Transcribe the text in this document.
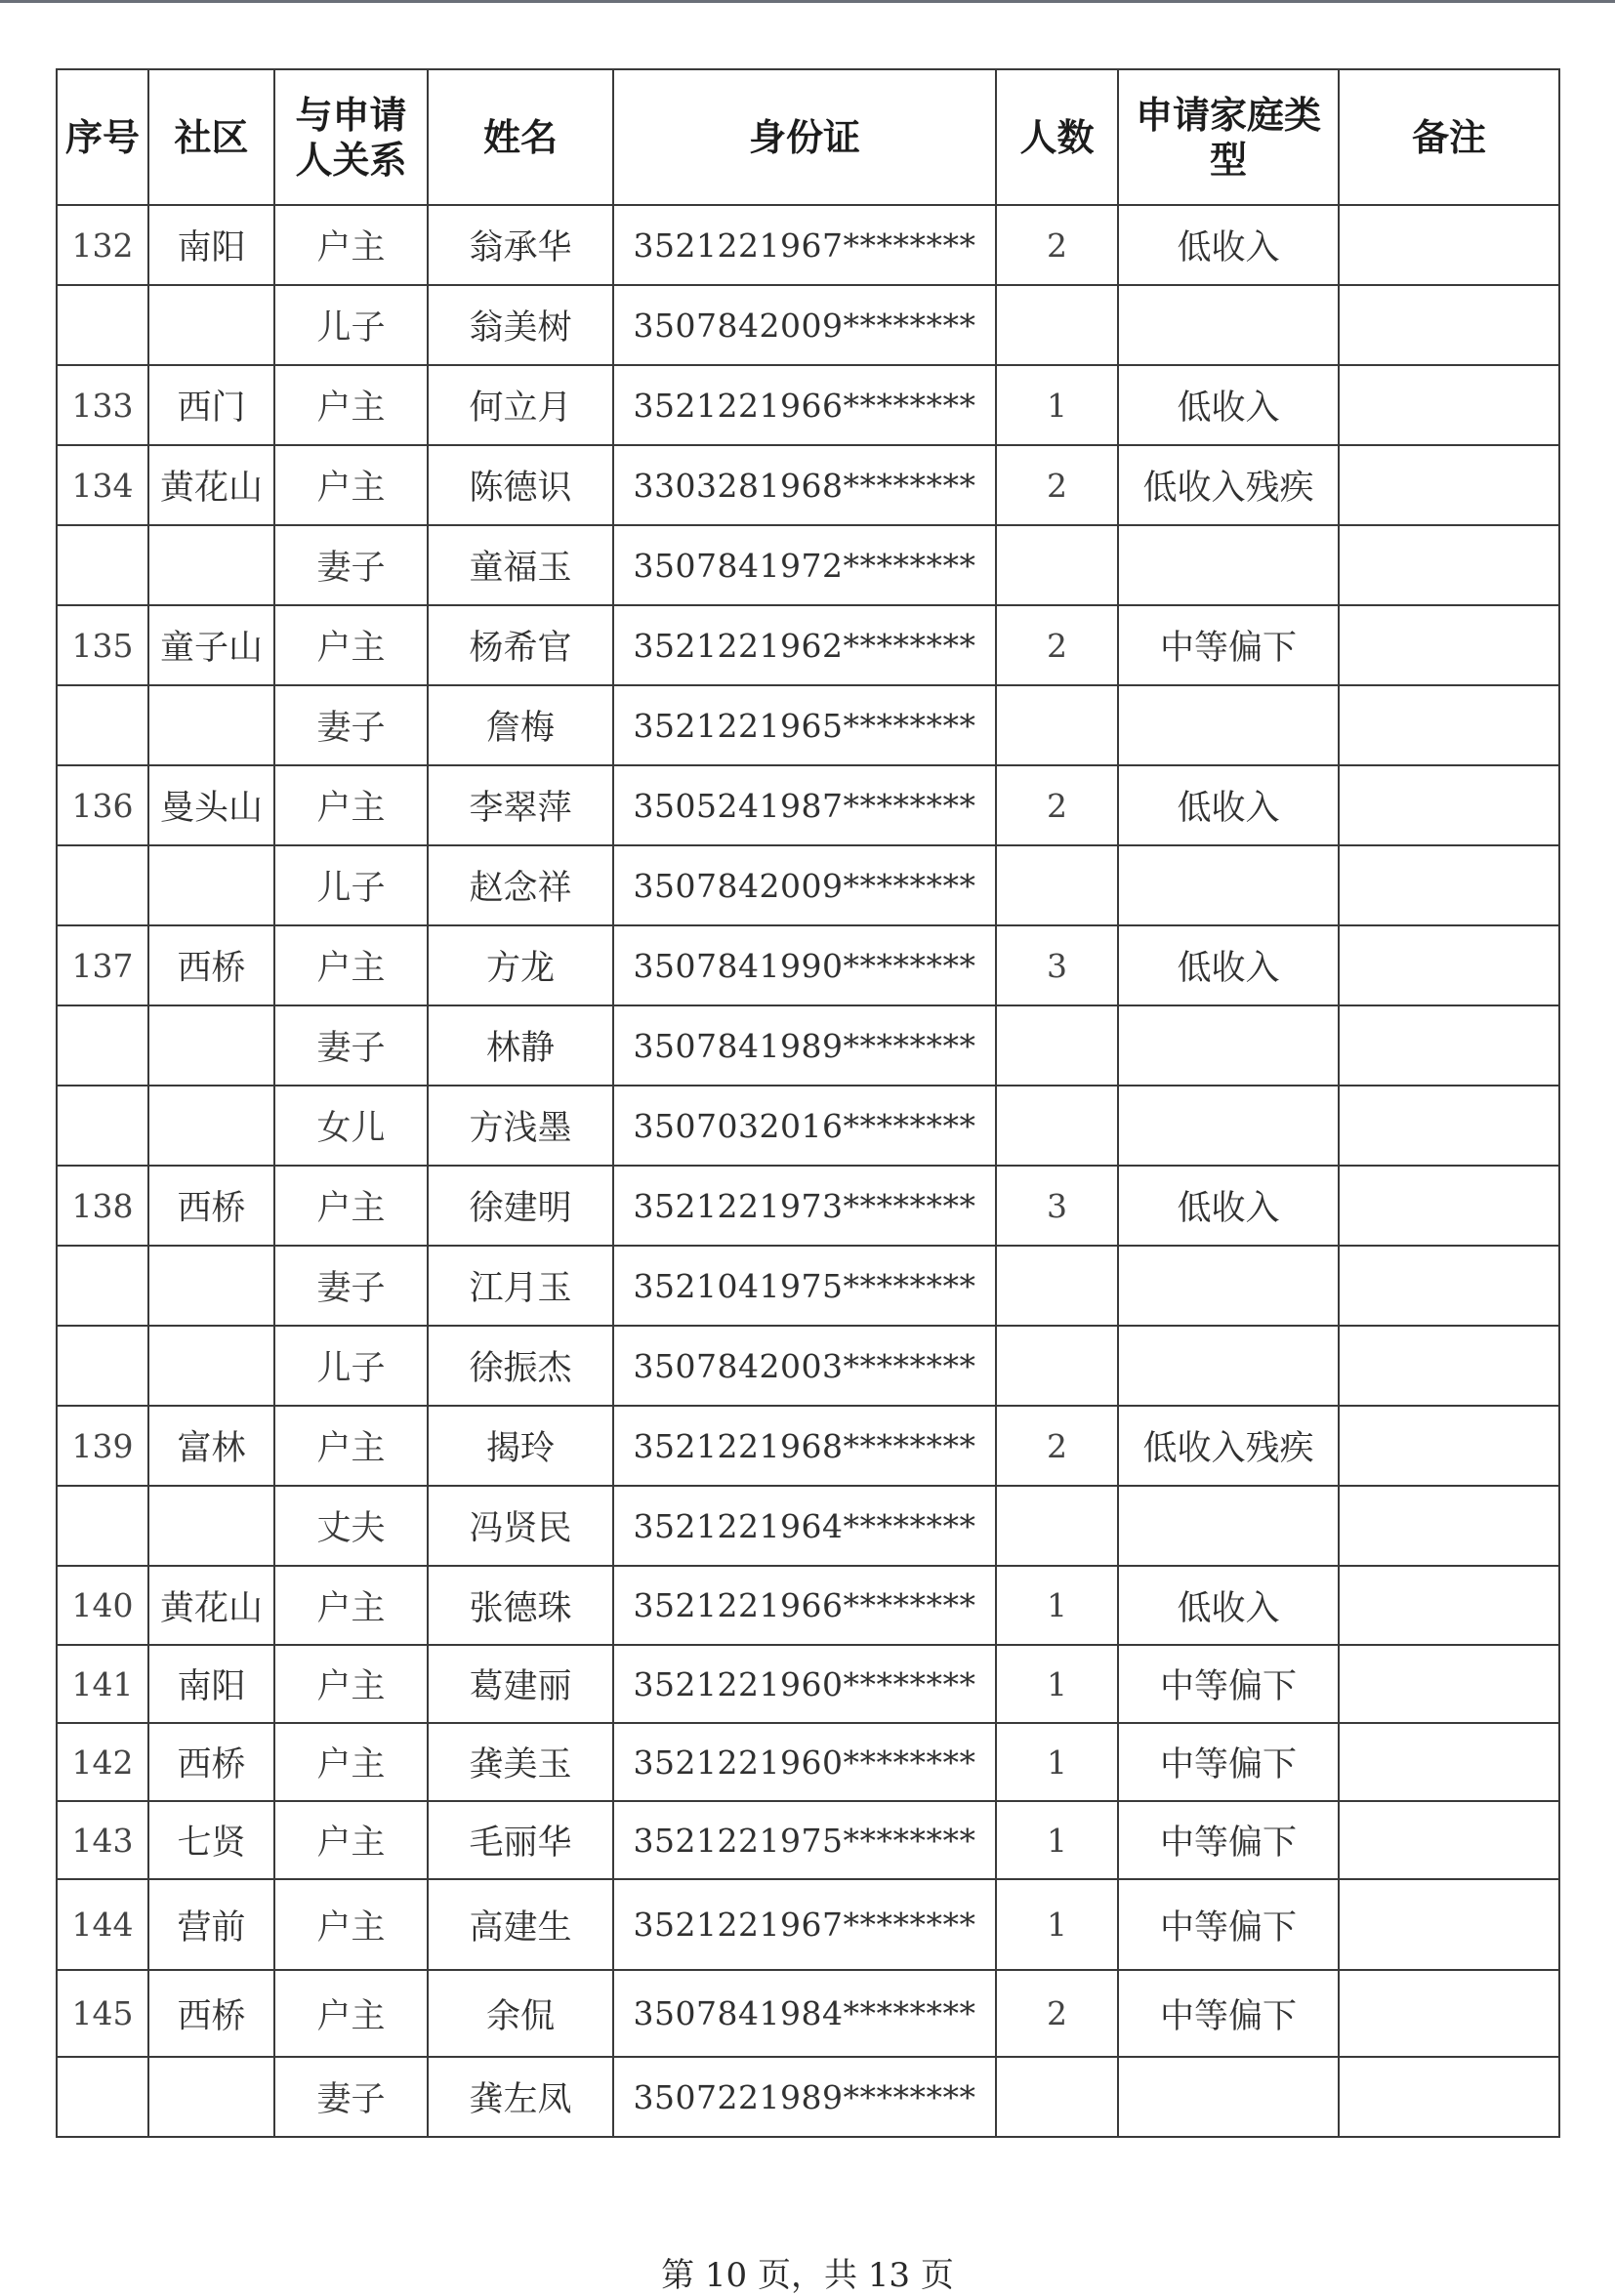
序号	社区	与申请人关系	姓名	身份证	人数	申请家庭类型	备注
132	南阳	户主	翁承华	3521221967********	2	低收入	
		儿子	翁美树	3507842009********			
133	西门	户主	何立月	3521221966********	1	低收入	
134	黄花山	户主	陈德识	3303281968********	2	低收入残疾	
		妻子	童福玉	3507841972********			
135	童子山	户主	杨希官	3521221962********	2	中等偏下	
		妻子	詹梅	3521221965********			
136	曼头山	户主	李翠萍	3505241987********	2	低收入	
		儿子	赵念祥	3507842009********			
137	西桥	户主	方龙	3507841990********	3	低收入	
		妻子	林静	3507841989********			
		女儿	方浅墨	3507032016********			
138	西桥	户主	徐建明	3521221973********	3	低收入	
		妻子	江月玉	3521041975********			
		儿子	徐振杰	3507842003********			
139	富林	户主	揭玲	3521221968********	2	低收入残疾	
		丈夫	冯贤民	3521221964********			
140	黄花山	户主	张德珠	3521221966********	1	低收入	
141	南阳	户主	葛建丽	3521221960********	1	中等偏下	
142	西桥	户主	龚美玉	3521221960********	1	中等偏下	
143	七贤	户主	毛丽华	3521221975********	1	中等偏下	
144	营前	户主	高建生	3521221967********	1	中等偏下	
145	西桥	户主	余侃	3507841984********	2	中等偏下	
		妻子	龚左凤	3507221989********			
第 10 页，共 13 页
